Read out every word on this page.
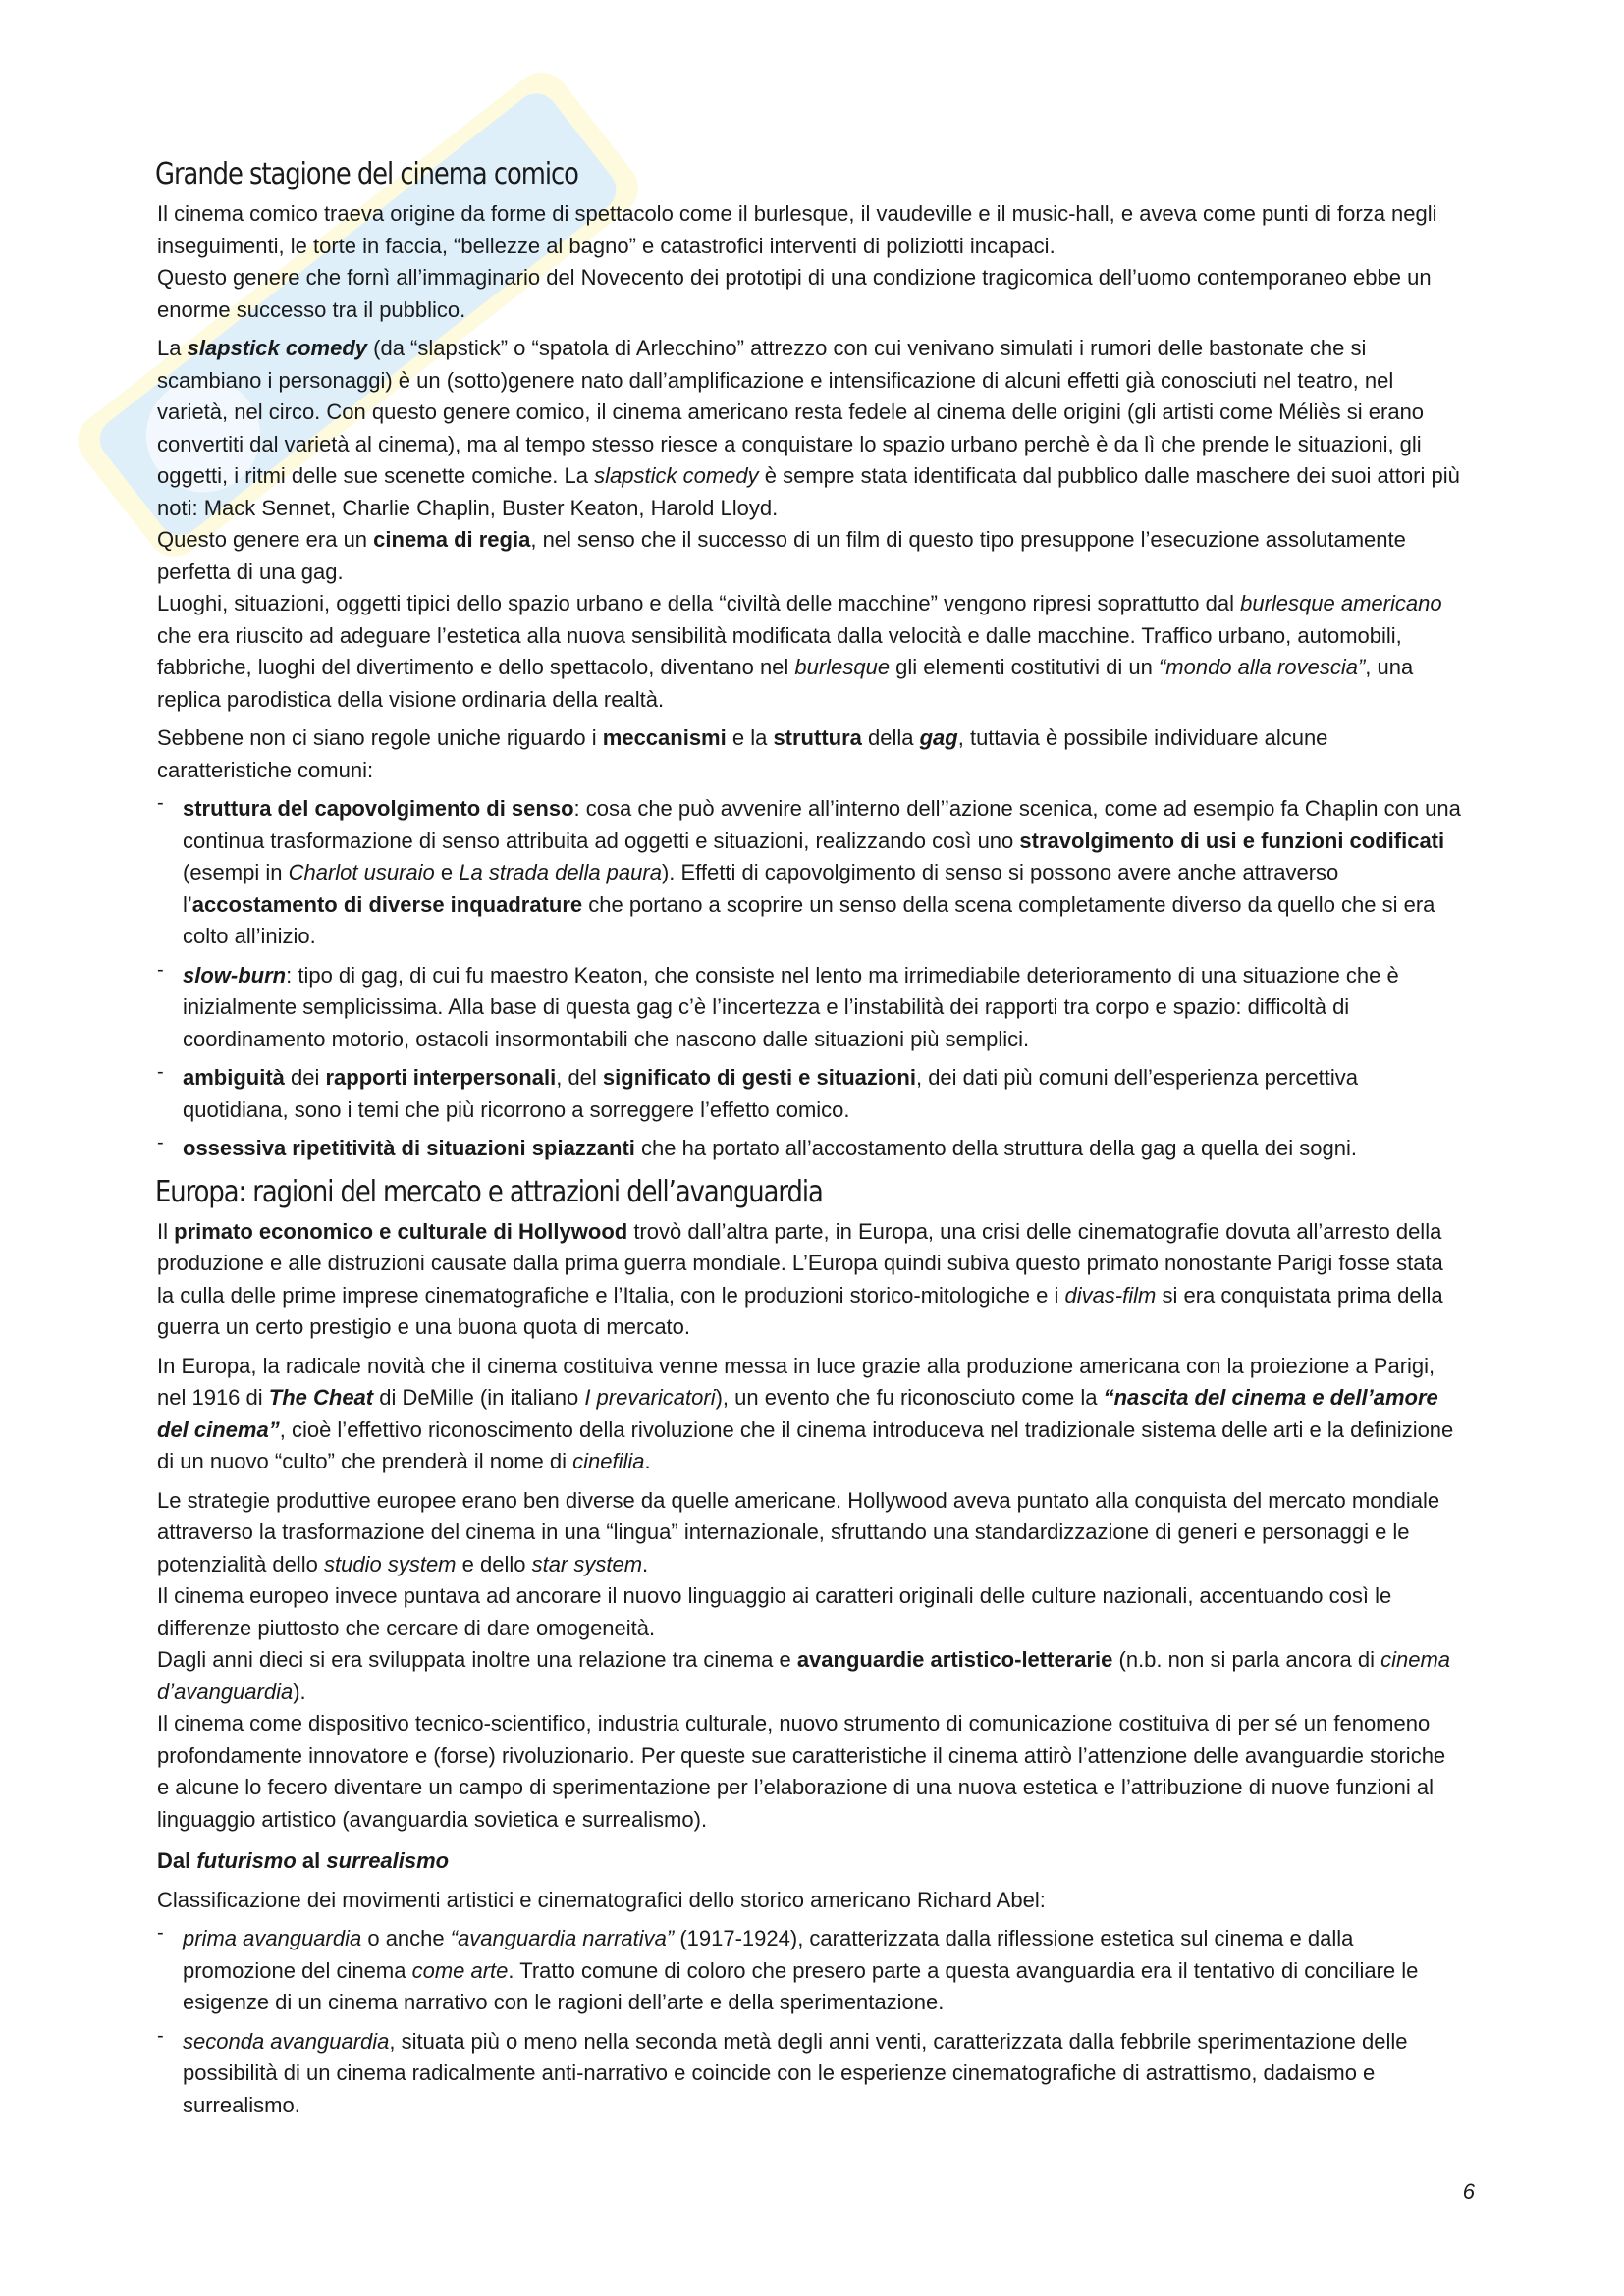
Grande stagione del cinema comico

Il cinema comico traeva origine da forme di spettacolo come il burlesque, il vaudeville e il music-hall, e aveva come punti di forza negli inseguimenti, le torte in faccia, “bellezze al bagno” e catastrofici interventi di poliziotti incapaci.
Questo genere che fornì all’immaginario del Novecento dei prototipi di una condizione tragicomica dell’uomo contemporaneo ebbe un enorme successo tra il pubblico.

La slapstick comedy (da “slapstick” o “spatola di Arlecchino” attrezzo con cui venivano simulati i rumori delle bastonate che si scambiano i personaggi) è un (sotto)genere nato dall’amplificazione e intensificazione di alcuni effetti già conosciuti nel teatro, nel varietà, nel circo. Con questo genere comico, il cinema americano resta fedele al cinema delle origini (gli artisti come Méliès si erano convertiti dal varietà al cinema), ma al tempo stesso riesce a conquistare lo spazio urbano perchè è da lì che prende le situazioni, gli oggetti, i ritmi delle sue scenette comiche. La slapstick comedy è sempre stata identificata dal pubblico dalle maschere dei suoi attori più noti: Mack Sennet, Charlie Chaplin, Buster Keaton, Harold Lloyd.
Questo genere era un cinema di regia, nel senso che il successo di un film di questo tipo presuppone l’esecuzione assolutamente perfetta di una gag.
Luoghi, situazioni, oggetti tipici dello spazio urbano e della “civiltà delle macchine” vengono ripresi soprattutto dal burlesque americano che era riuscito ad adeguare l’estetica alla nuova sensibilità modificata dalla velocità e dalle macchine. Traffico urbano, automobili, fabbriche, luoghi del divertimento e dello spettacolo, diventano nel burlesque gli elementi costitutivi di un “mondo alla rovescia”, una replica parodistica della visione ordinaria della realtà.

Sebbene non ci siano regole uniche riguardo i meccanismi e la struttura della gag, tuttavia è possibile individuare alcune caratteristiche comuni:

- struttura del capovolgimento di senso: cosa che può avvenire all’interno dell’’azione scenica, come ad esempio fa Chaplin con una continua trasformazione di senso attribuita ad oggetti e situazioni, realizzando così uno stravolgimento di usi e funzioni codificati (esempi in Charlot usuraio e La strada della paura). Effetti di capovolgimento di senso si possono avere anche attraverso l’accostamento di diverse inquadrature che portano a scoprire un senso della scena completamente diverso da quello che si era colto all’inizio.
- slow-burn: tipo di gag, di cui fu maestro Keaton, che consiste nel lento ma irrimediabile deterioramento di una situazione che è inizialmente semplicissima. Alla base di questa gag c’è l’incertezza e l’instabilità dei rapporti tra corpo e spazio: difficoltà di coordinamento motorio, ostacoli insormontabili che nascono dalle situazioni più semplici.
- ambiguità dei rapporti interpersonali, del significato di gesti e situazioni, dei dati più comuni dell’esperienza percettiva quotidiana, sono i temi che più ricorrono a sorreggere l’effetto comico.
- ossessiva ripetitività di situazioni spiazzanti che ha portato all’accostamento della struttura della gag a quella dei sogni.
Europa: ragioni del mercato e attrazioni dell’avanguardia

Il primato economico e culturale di Hollywood trovò dall’altra parte, in Europa, una crisi delle cinematografie dovuta all’arresto della produzione e alle distruzioni causate dalla prima guerra mondiale. L’Europa quindi subiva questo primato nonostante Parigi fosse stata la culla delle prime imprese cinematografiche e l’Italia, con le produzioni storico-mitologiche e i divas-film si era conquistata prima della guerra un certo prestigio e una buona quota di mercato.

In Europa, la radicale novità che il cinema costituiva venne messa in luce grazie alla produzione americana con la proiezione a Parigi, nel 1916 di The Cheat di DeMille (in italiano I prevaricatori), un evento che fu riconosciuto come la “nascita del cinema e dell’amore del cinema”, cioè l’effettivo riconoscimento della rivoluzione che il cinema introduceva nel tradizionale sistema delle arti e la definizione di un nuovo “culto” che prenderà il nome di cinefilia.

Le strategie produttive europee erano ben diverse da quelle americane. Hollywood aveva puntato alla conquista del mercato mondiale attraverso la trasformazione del cinema in una “lingua” internazionale, sfruttando una standardizzazione di generi e personaggi e le potenzialità dello studio system e dello star system.
Il cinema europeo invece puntava ad ancorare il nuovo linguaggio ai caratteri originali delle culture nazionali, accentuando così le differenze piuttosto che cercare di dare omogeneità.
Dagli anni dieci si era sviluppata inoltre una relazione tra cinema e avanguardie artistico-letterarie (n.b. non si parla ancora di cinema d’avanguardia).
Il cinema come dispositivo tecnico-scientifico, industria culturale, nuovo strumento di comunicazione costituiva di per sé un fenomeno profondamente innovatore e (forse) rivoluzionario. Per queste sue caratteristiche il cinema attirò l’attenzione delle avanguardie storiche e alcune lo fecero diventare un campo di sperimentazione per l’elaborazione di una nuova estetica e l’attribuzione di nuove funzioni al linguaggio artistico (avanguardia sovietica e surrealismo).

Dal futurismo al surrealismo

Classificazione dei movimenti artistici e cinematografici dello storico americano Richard Abel:

- prima avanguardia o anche “avanguardia narrativa” (1917-1924), caratterizzata dalla riflessione estetica sul cinema e dalla promozione del cinema come arte. Tratto comune di coloro che presero parte a questa avanguardia era il tentativo di conciliare le esigenze di un cinema narrativo con le ragioni dell’arte e della sperimentazione.
- seconda avanguardia, situata più o meno nella seconda metà degli anni venti, caratterizzata dalla febbrile sperimentazione delle possibilità di un cinema radicalmente anti-narrativo e coincide con le esperienze cinematografiche di astrattismo, dadaismo e surrealismo.
6
